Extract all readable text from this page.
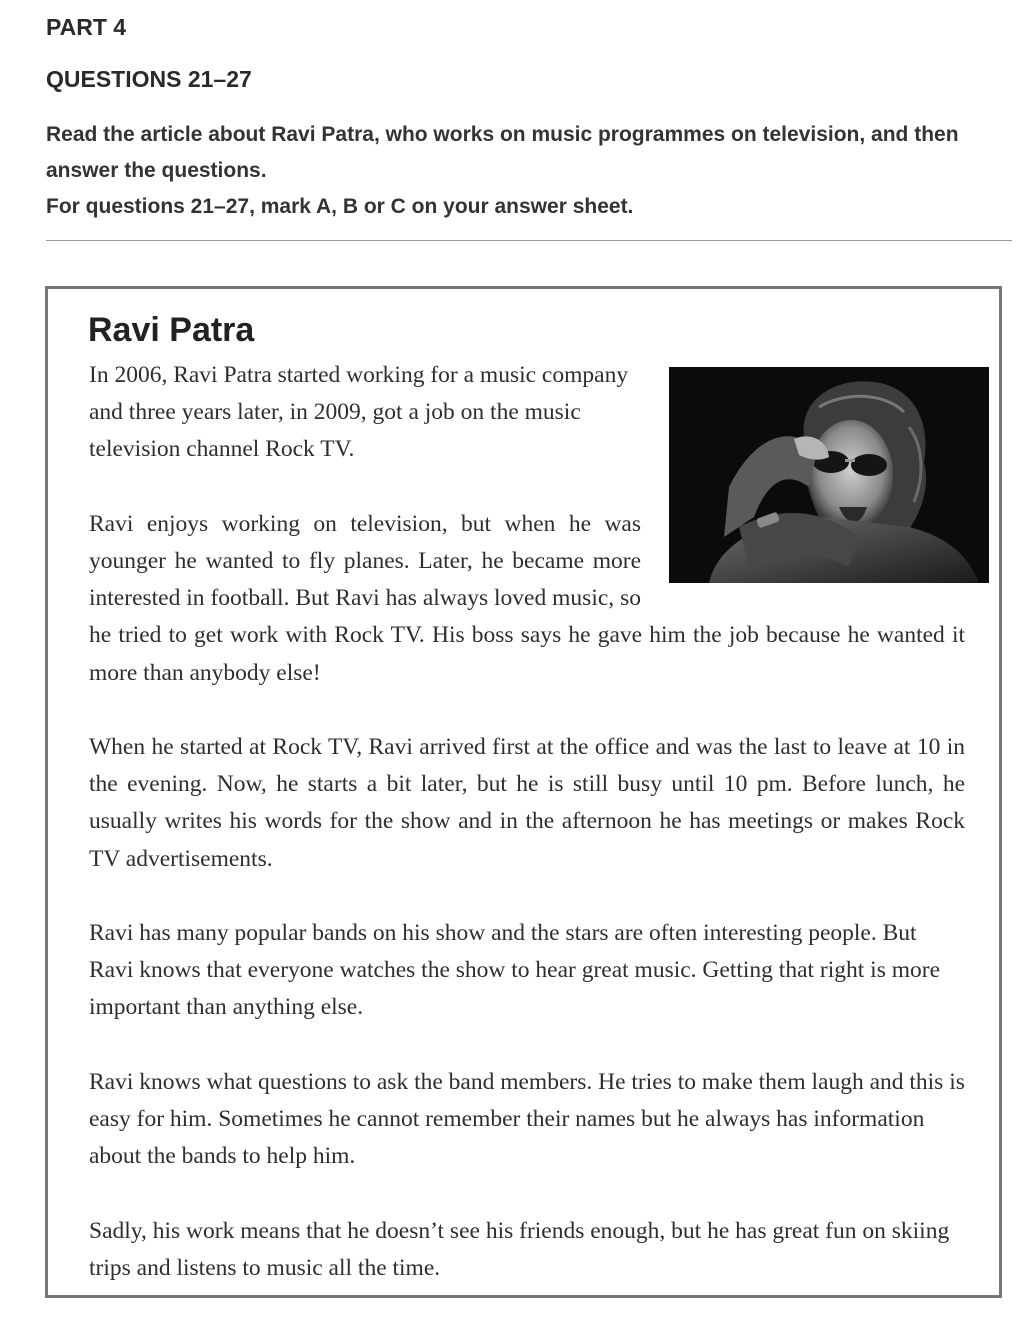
PART 4

QUESTIONS 21–27

Read the article about Ravi Patra, who works on music programmes on television, and then answer the questions.

For questions 21–27, mark A, B or C on your answer sheet.

Ravi Patra

In 2006, Ravi Patra started working for a music company and three years later, in 2009, got a job on the music television channel Rock TV.

Ravi enjoys working on television, but when he was younger he wanted to fly planes. Later, he became more interested in football. But Ravi has always loved music, so he tried to get work with Rock TV. His boss says he gave him the job because he wanted it more than anybody else!

When he started at Rock TV, Ravi arrived first at the office and was the last to leave at 10 in the evening. Now, he starts a bit later, but he is still busy until 10 pm. Before lunch, he usually writes his words for the show and in the afternoon he has meetings or makes Rock TV advertisements.

Ravi has many popular bands on his show and the stars are often interesting people. But Ravi knows that everyone watches the show to hear great music. Getting that right is more important than anything else.

Ravi knows what questions to ask the band members. He tries to make them laugh and this is easy for him. Sometimes he cannot remember their names but he always has information about the bands to help him.

Sadly, his work means that he doesn’t see his friends enough, but he has great fun on skiing trips and listens to music all the time.
